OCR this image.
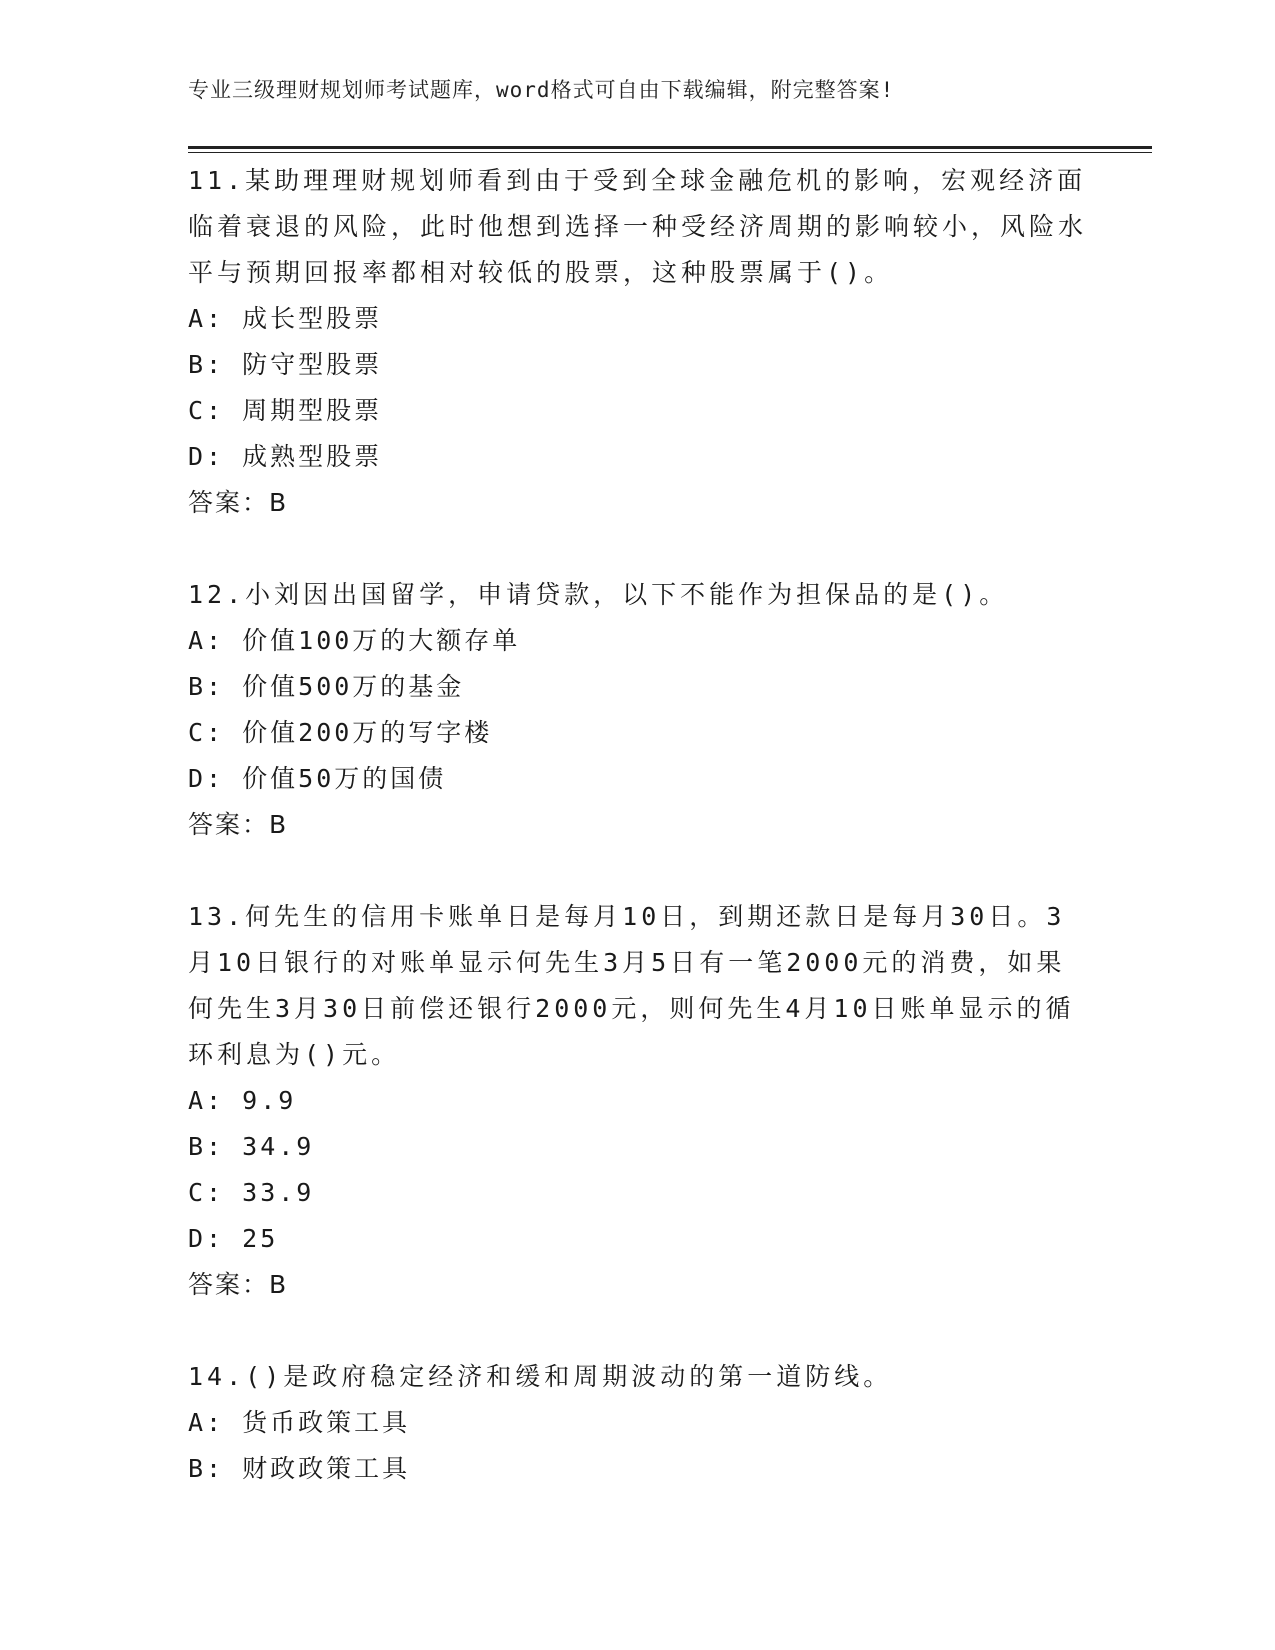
专业三级理财规划师考试题库，word格式可自由下载编辑，附完整答案!

11.某助理理财规划师看到由于受到全球金融危机的影响，宏观经济面临着衰退的风险，此时他想到选择一种受经济周期的影响较小，风险水平与预期回报率都相对较低的股票，这种股票属于()。

A: 成长型股票

B: 防守型股票

C: 周期型股票

D: 成熟型股票

答案：B

12.小刘因出国留学，申请贷款，以下不能作为担保品的是()。

A: 价值100万的大额存单

B: 价值500万的基金

C: 价值200万的写字楼

D: 价值50万的国债

答案：B

13.何先生的信用卡账单日是每月10日，到期还款日是每月30日。3月10日银行的对账单显示何先生3月5日有一笔2000元的消费，如果何先生3月30日前偿还银行2000元，则何先生4月10日账单显示的循环利息为()元。

A: 9.9

B: 34.9

C: 33.9

D: 25

答案：B

14.()是政府稳定经济和缓和周期波动的第一道防线。

A: 货币政策工具

B: 财政政策工具
